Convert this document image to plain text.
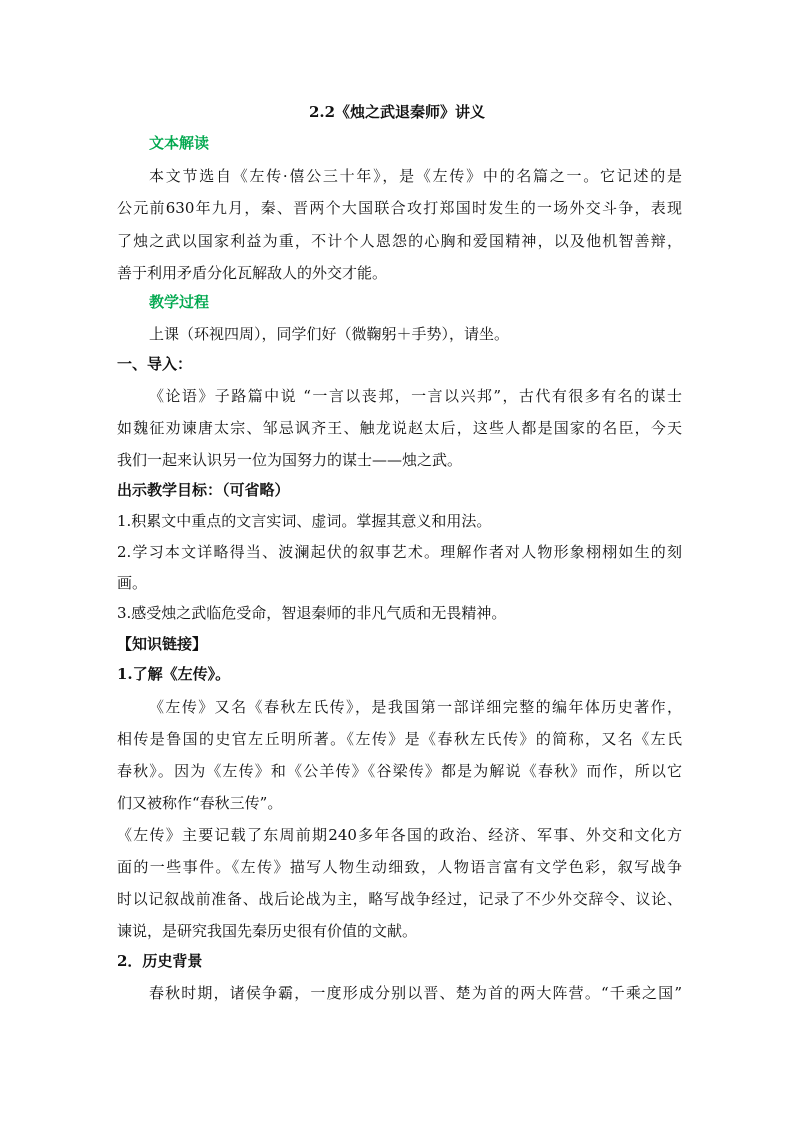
2.2《烛之武退秦师》讲义
文本解读
本文节选自《左传·僖公三十年》，是《左传》中的名篇之一。它记述的是
公元前630年九月，秦、晋两个大国联合攻打郑国时发生的一场外交斗争，表现
了烛之武以国家利益为重，不计个人恩怨的心胸和爱国精神，以及他机智善辩，
善于利用矛盾分化瓦解敌人的外交才能。
教学过程
上课（环视四周），同学们好（微鞠躬＋手势），请坐。
一、导入：
《论语》子路篇中说 “一言以丧邦，一言以兴邦”，古代有很多有名的谋士
如魏征劝谏唐太宗、邹忌讽齐王、触龙说赵太后，这些人都是国家的名臣，今天
我们一起来认识另一位为国努力的谋士——烛之武。
出示教学目标：（可省略）
1.积累文中重点的文言实词、虚词。掌握其意义和用法。
2.学习本文详略得当、波澜起伏的叙事艺术。理解作者对人物形象栩栩如生的刻
画。
3.感受烛之武临危受命，智退秦师的非凡气质和无畏精神。
【知识链接】
1.了解《左传》。
《左传》又名《春秋左氏传》，是我国第一部详细完整的编年体历史著作，
相传是鲁国的史官左丘明所著。《左传》是《春秋左氏传》的简称，又名《左氏
春秋》。因为《左传》和《公羊传》《谷梁传》都是为解说《春秋》而作，所以它
们又被称作“春秋三传”。
《左传》主要记载了东周前期240多年各国的政治、经济、军事、外交和文化方
面的一些事件。《左传》描写人物生动细致，人物语言富有文学色彩，叙写战争
时以记叙战前准备、战后论战为主，略写战争经过，记录了不少外交辞令、议论、
谏说，是研究我国先秦历史很有价值的文献。
2．历史背景
春秋时期，诸侯争霸，一度形成分别以晋、楚为首的两大阵营。“千乘之国”
